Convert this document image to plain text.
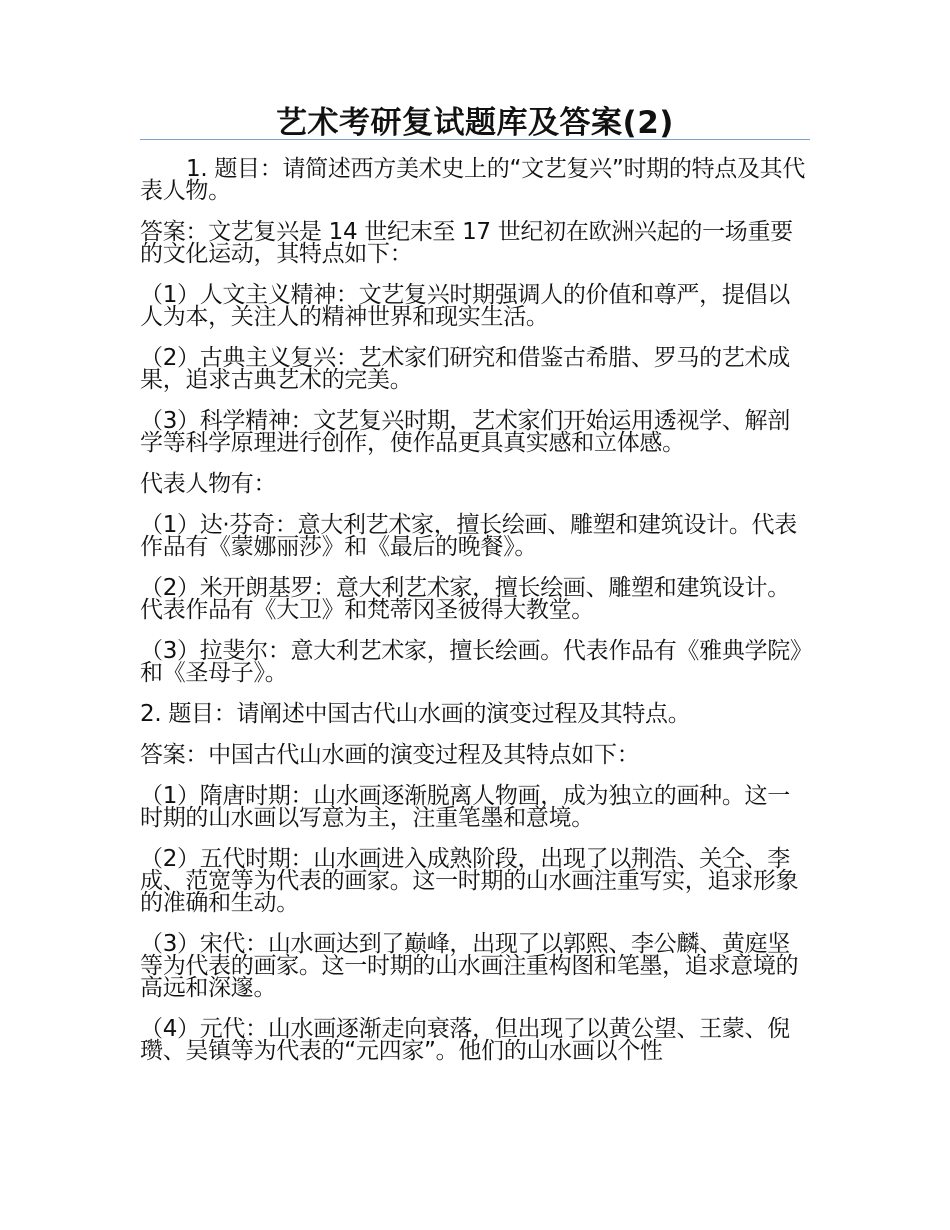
艺术考研复试题库及答案(2)

1. 题目：请简述西方美术史上的“文艺复兴”时期的特点及其代表人物。

答案：文艺复兴是 14 世纪末至 17 世纪初在欧洲兴起的一场重要的文化运动，其特点如下：

（1）人文主义精神：文艺复兴时期强调人的价值和尊严，提倡以人为本，关注人的精神世界和现实生活。

（2）古典主义复兴：艺术家们研究和借鉴古希腊、罗马的艺术成果，追求古典艺术的完美。

（3）科学精神：文艺复兴时期，艺术家们开始运用透视学、解剖学等科学原理进行创作，使作品更具真实感和立体感。

代表人物有：

（1）达·芬奇：意大利艺术家，擅长绘画、雕塑和建筑设计。代表作品有《蒙娜丽莎》和《最后的晚餐》。

（2）米开朗基罗：意大利艺术家，擅长绘画、雕塑和建筑设计。代表作品有《大卫》和梵蒂冈圣彼得大教堂。

（3）拉斐尔：意大利艺术家，擅长绘画。代表作品有《雅典学院》和《圣母子》。

2. 题目：请阐述中国古代山水画的演变过程及其特点。

答案：中国古代山水画的演变过程及其特点如下：

（1）隋唐时期：山水画逐渐脱离人物画，成为独立的画种。这一时期的山水画以写意为主，注重笔墨和意境。

（2）五代时期：山水画进入成熟阶段，出现了以荆浩、关仝、李成、范宽等为代表的画家。这一时期的山水画注重写实，追求形象的准确和生动。

（3）宋代：山水画达到了巅峰，出现了以郭熙、李公麟、黄庭坚等为代表的画家。这一时期的山水画注重构图和笔墨，追求意境的高远和深邃。

（4）元代：山水画逐渐走向衰落，但出现了以黄公望、王蒙、倪瓒、吴镇等为代表的“元四家”。他们的山水画以个性
